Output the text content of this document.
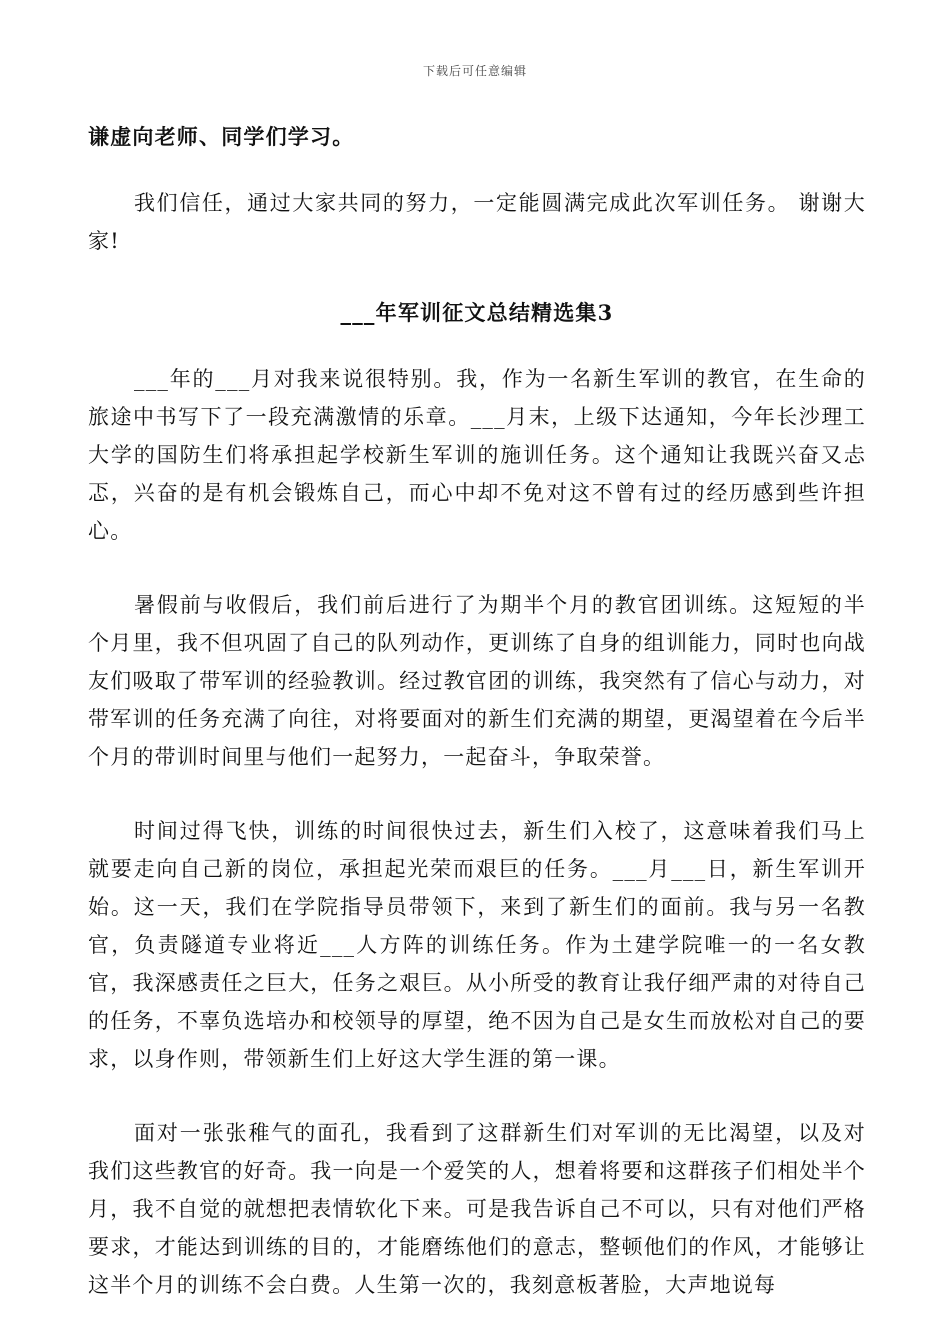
下载后可任意编辑

谦虚向老师、同学们学习。

我们信任，通过大家共同的努力，一定能圆满完成此次军训任务。 谢谢大家!

___年军训征文总结精选集3

___年的___月对我来说很特别。我，作为一名新生军训的教官，在生命的旅途中书写下了一段充满激情的乐章。___月末，上级下达通知，今年长沙理工大学的国防生们将承担起学校新生军训的施训任务。这个通知让我既兴奋又忐忑，兴奋的是有机会锻炼自己，而心中却不免对这不曾有过的经历感到些许担心。

暑假前与收假后，我们前后进行了为期半个月的教官团训练。这短短的半个月里，我不但巩固了自己的队列动作，更训练了自身的组训能力，同时也向战友们吸取了带军训的经验教训。经过教官团的训练，我突然有了信心与动力，对带军训的任务充满了向往，对将要面对的新生们充满的期望，更渴望着在今后半个月的带训时间里与他们一起努力，一起奋斗，争取荣誉。

时间过得飞快，训练的时间很快过去，新生们入校了，这意味着我们马上就要走向自己新的岗位，承担起光荣而艰巨的任务。___月___日，新生军训开始。这一天，我们在学院指导员带领下，来到了新生们的面前。我与另一名教官，负责隧道专业将近___人方阵的训练任务。作为土建学院唯一的一名女教官，我深感责任之巨大，任务之艰巨。从小所受的教育让我仔细严肃的对待自己的任务，不辜负选培办和校领导的厚望，绝不因为自己是女生而放松对自己的要求，以身作则，带领新生们上好这大学生涯的第一课。

面对一张张稚气的面孔，我看到了这群新生们对军训的无比渴望，以及对我们这些教官的好奇。我一向是一个爱笑的人，想着将要和这群孩子们相处半个月，我不自觉的就想把表情软化下来。可是我告诉自己不可以，只有对他们严格要求，才能达到训练的目的，才能磨练他们的意志，整顿他们的作风，才能够让这半个月的训练不会白费。人生第一次的，我刻意板著脸，大声地说每
